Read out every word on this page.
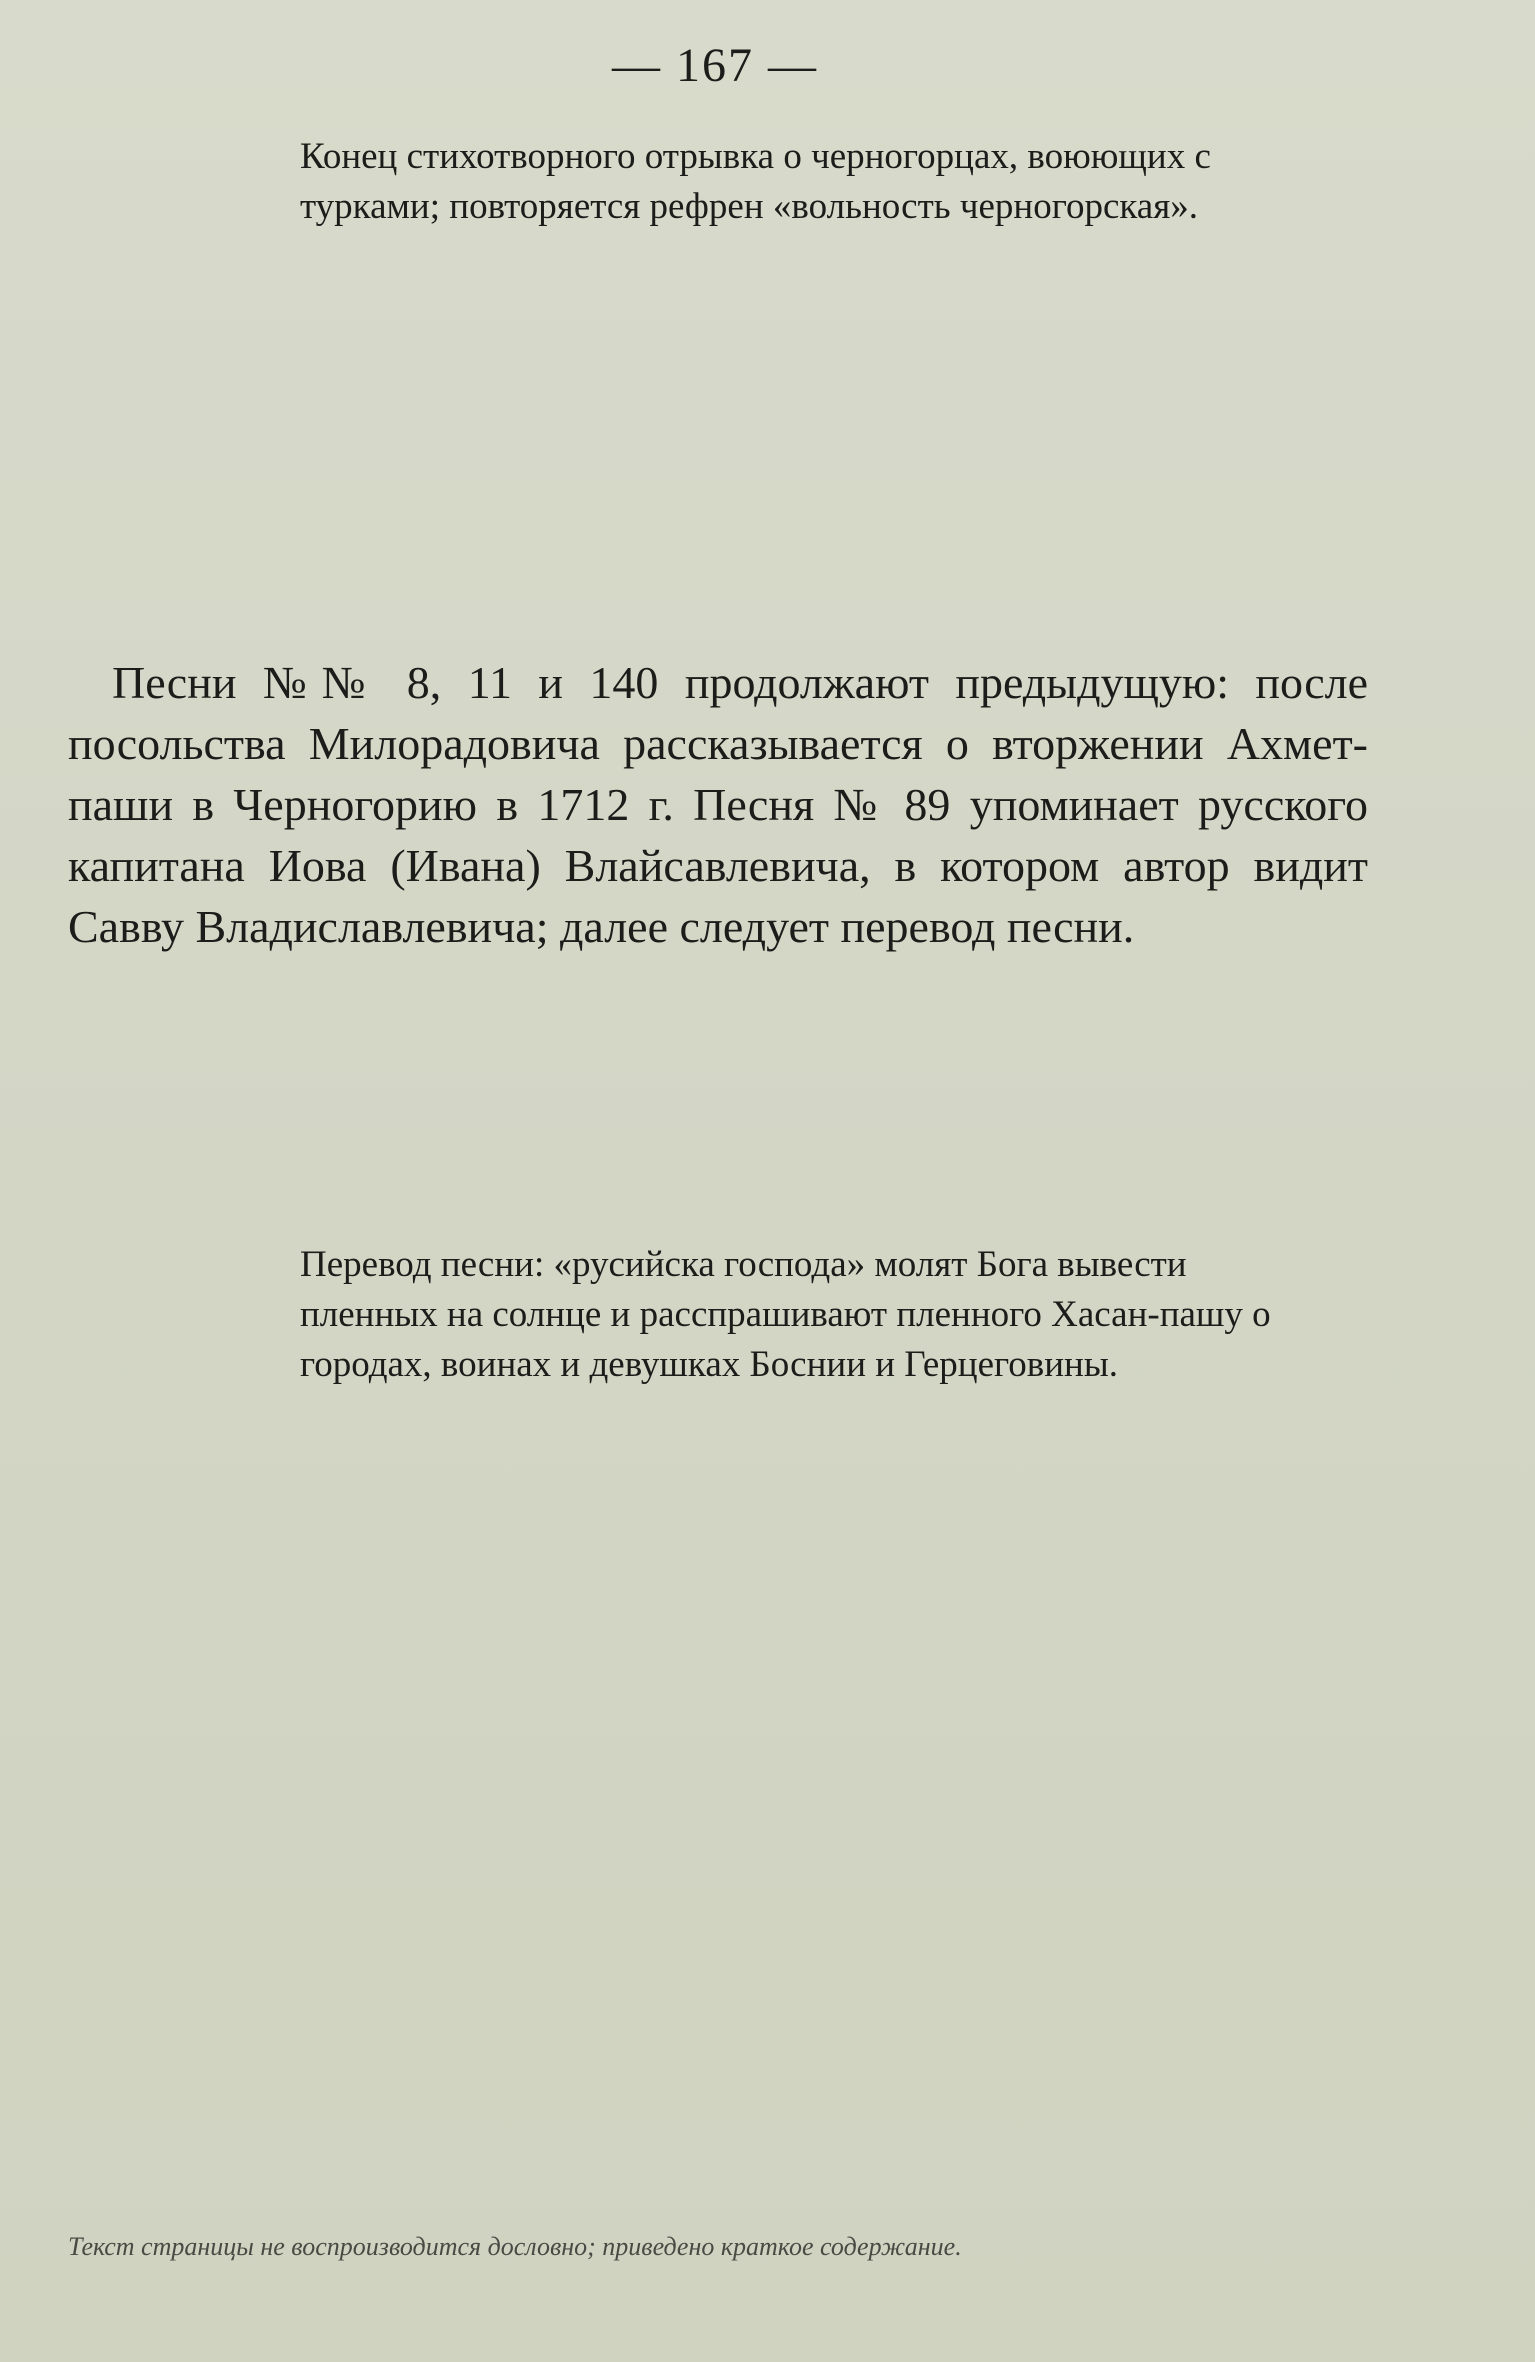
— 167 —
Конец стихотворного отрывка о черногорцах, воюющих с турками; повторяется рефрен «вольность черногорская».

Песни №№ 8, 11 и 140 продолжают предыдущую: после посольства Милорадовича рассказывается о вторжении Ахмет-паши в Черногорию в 1712 г. Песня № 89 упоминает русского капитана Иова (Ивана) Влайсавлевича, в котором автор видит Савву Владиславлевича; далее следует перевод песни.

Перевод песни: «русийска господа» молят Бога вывести пленных на солнце и расспрашивают пленного Хасан-пашу о городах, воинах и девушках Боснии и Герцеговины.
Текст страницы не воспроизводится дословно; приведено краткое содержание.
